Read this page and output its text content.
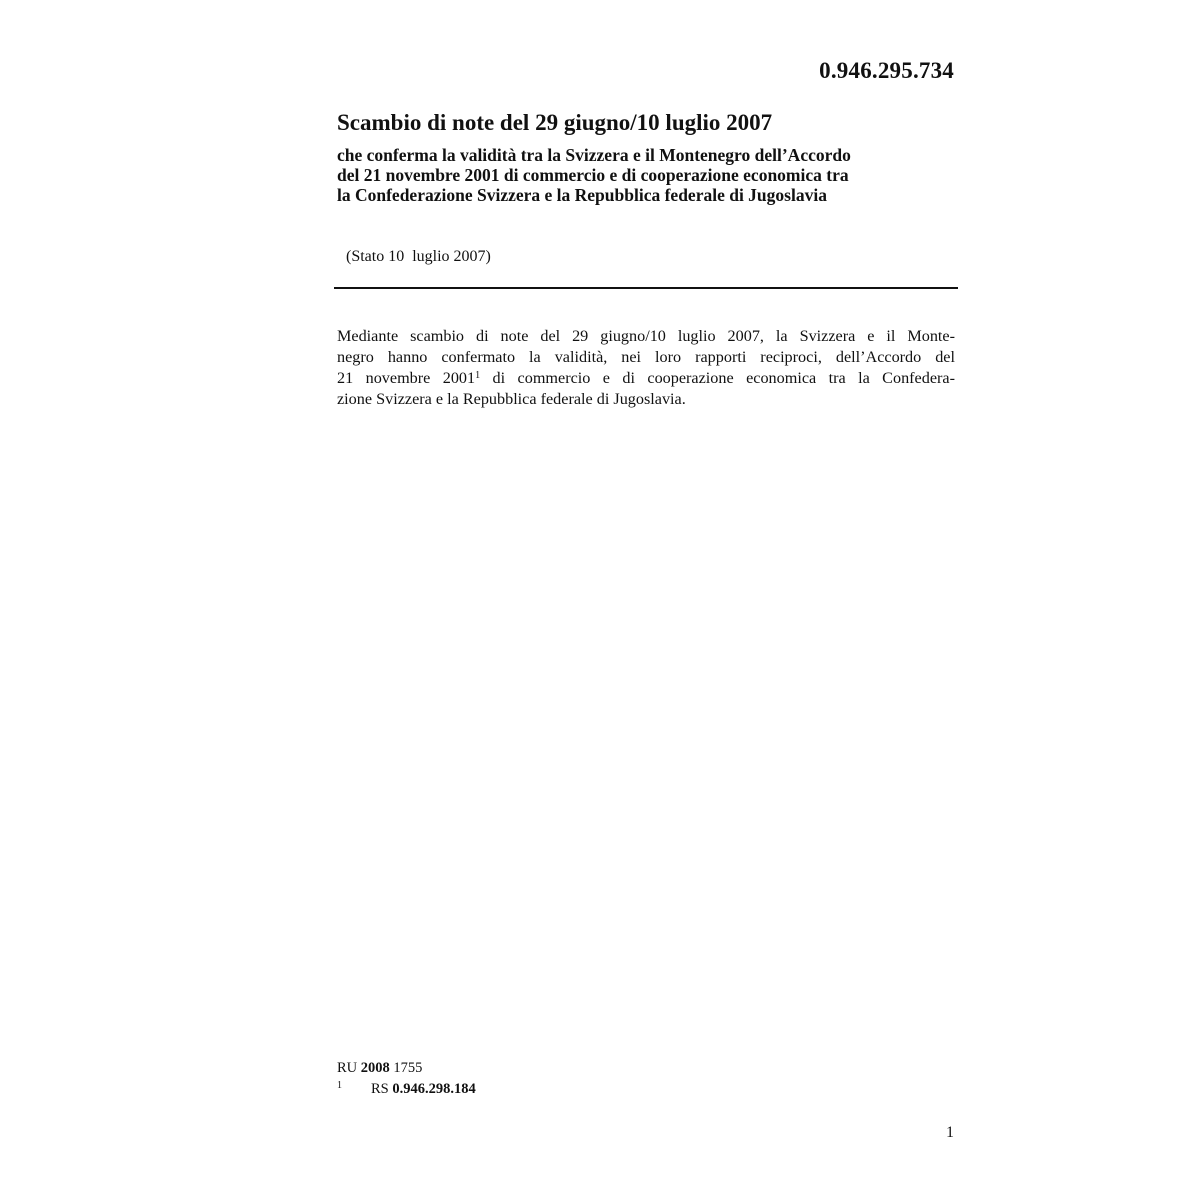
0.946.295.734
Scambio di note del 29 giugno/10 luglio 2007
che conferma la validità tra la Svizzera e il Montenegro dell’Accordo
del 21 novembre 2001 di commercio e di cooperazione economica tra
la Confederazione Svizzera e la Repubblica federale di Jugoslavia
(Stato 10  luglio 2007)
Mediante scambio di note del 29 giugno/10 luglio 2007, la Svizzera e il Monte-
negro hanno confermato la validità, nei loro rapporti reciproci, dell’Accordo del
21 novembre 2001$^1$ di commercio e di cooperazione economica tra la Confedera-
zione Svizzera e la Repubblica federale di Jugoslavia.
RU 2008 1755
1 RS 0.946.298.184
1
